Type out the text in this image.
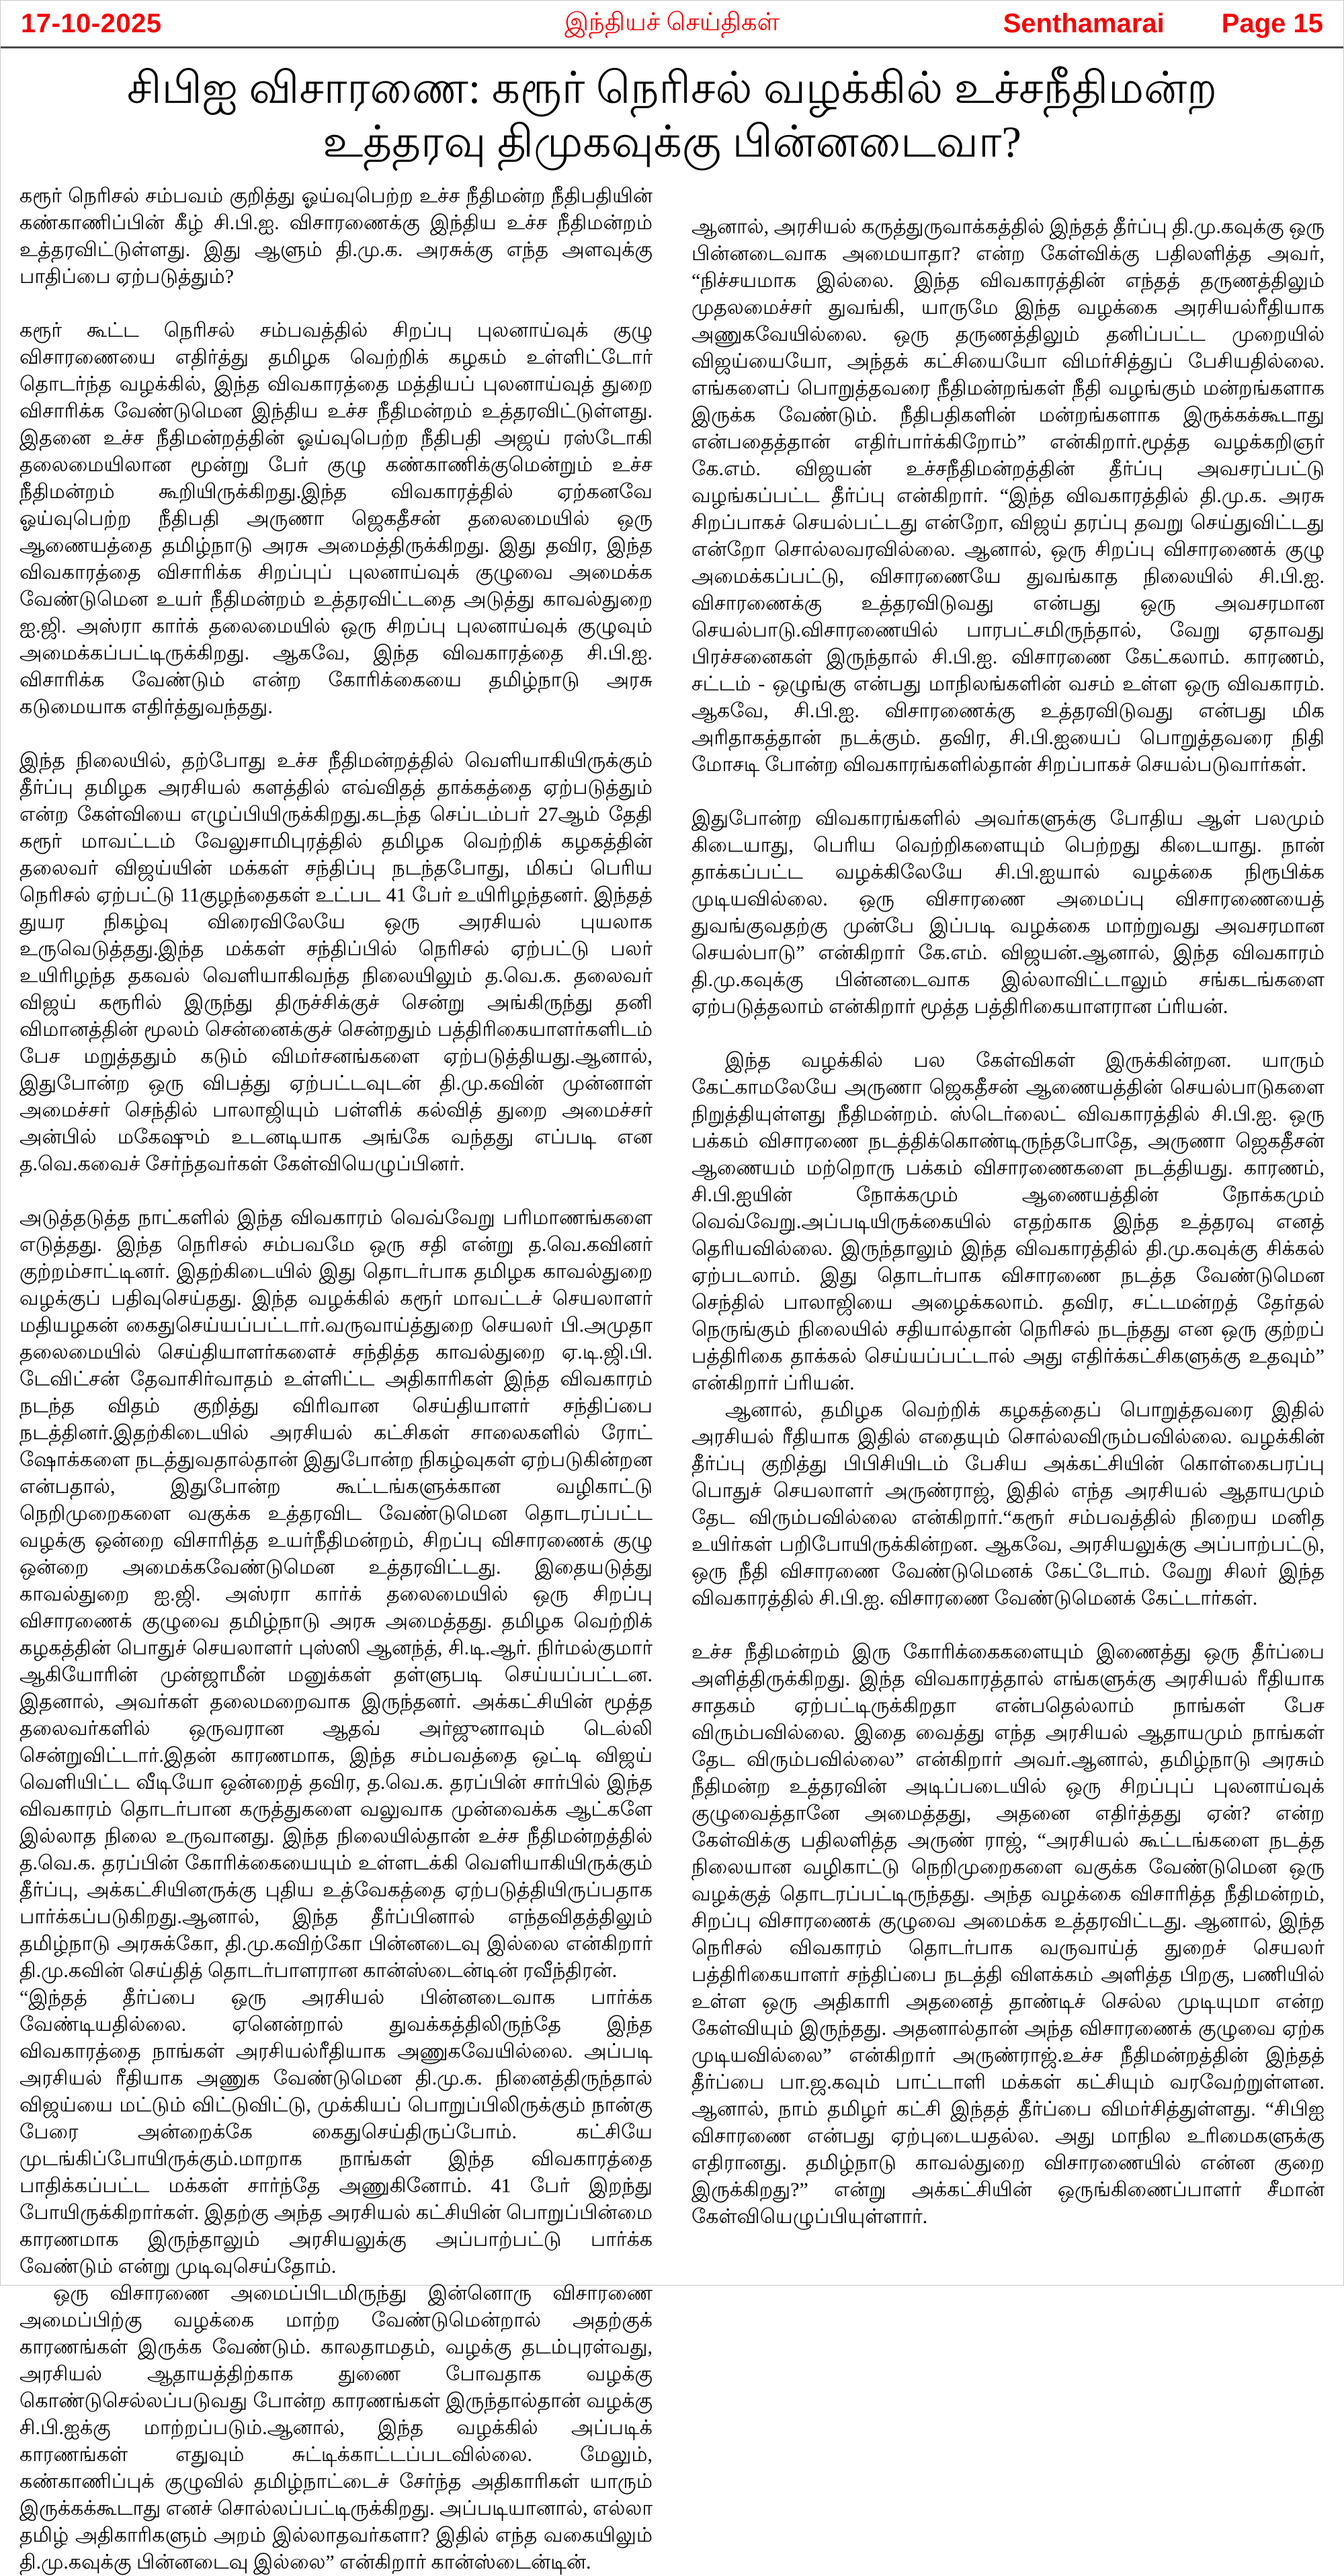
17-10-2025	இந்தியச் செய்திகள்	Senthamarai Page 15
சிபிஐ விசாரணை: கரூர் நெரிசல் வழக்கில் உச்சநீதிமன்ற உத்தரவு திமுகவுக்கு பின்னடைவா?

கரூர் நெரிசல் சம்பவம் குறித்து ஓய்வுபெற்ற உச்ச நீதிமன்ற நீதிபதியின் கண்காணிப்பின் கீழ் சி.பி.ஐ. விசாரணைக்கு இந்திய உச்ச நீதிமன்றம் உத்தரவிட்டுள்ளது. இது ஆளும் தி.மு.க. அரசுக்கு எந்த அளவுக்கு பாதிப்பை ஏற்படுத்தும்?

கரூர் கூட்ட நெரிசல் சம்பவத்தில் சிறப்பு புலனாய்வுக் குழு விசாரணையை எதிர்த்து தமிழக வெற்றிக் கழகம் உள்ளிட்டோர் தொடர்ந்த வழக்கில், இந்த விவகாரத்தை மத்தியப் புலனாய்வுத் துறை விசாரிக்க வேண்டுமென இந்திய உச்ச நீதிமன்றம் உத்தரவிட்டுள்ளது. இதனை உச்ச நீதிமன்றத்தின் ஓய்வுபெற்ற நீதிபதி அஜய் ரஸ்டோகி தலைமையிலான மூன்று பேர் குழு கண்காணிக்குமென்றும் உச்ச நீதிமன்றம் கூறியிருக்கிறது.இந்த விவகாரத்தில் ஏற்கனவே ஓய்வுபெற்ற நீதிபதி அருணா ஜெகதீசன் தலைமையில் ஒரு ஆணையத்தை தமிழ்நாடு அரசு அமைத்திருக்கிறது. இது தவிர, இந்த விவகாரத்தை விசாரிக்க சிறப்புப் புலனாய்வுக் குழுவை அமைக்க வேண்டுமென உயர் நீதிமன்றம் உத்தரவிட்டதை அடுத்து காவல்துறை ஐ.ஜி. அஸ்ரா கார்க் தலைமையில் ஒரு சிறப்பு புலனாய்வுக் குழுவும் அமைக்கப்பட்டிருக்கிறது. ஆகவே, இந்த விவகாரத்தை சி.பி.ஐ. விசாரிக்க வேண்டும் என்ற கோரிக்கையை தமிழ்நாடு அரசு கடுமையாக எதிர்த்துவந்தது.

இந்த நிலையில், தற்போது உச்ச நீதிமன்றத்தில் வெளியாகியிருக்கும் தீர்ப்பு தமிழக அரசியல் களத்தில் எவ்விதத் தாக்கத்தை ஏற்படுத்தும் என்ற கேள்வியை எழுப்பியிருக்கிறது.கடந்த செப்டம்பர் 27ஆம் தேதி கரூர் மாவட்டம் வேலுசாமிபுரத்தில் தமிழக வெற்றிக் கழகத்தின் தலைவர் விஜய்யின் மக்கள் சந்திப்பு நடந்தபோது, மிகப் பெரிய நெரிசல் ஏற்பட்டு 11குழந்தைகள் உட்பட 41 பேர் உயிரிழந்தனர். இந்தத் துயர நிகழ்வு விரைவிலேயே ஒரு அரசியல் புயலாக உருவெடுத்தது.இந்த மக்கள் சந்திப்பில் நெரிசல் ஏற்பட்டு பலர் உயிரிழந்த தகவல் வெளியாகிவந்த நிலையிலும் த.வெ.க. தலைவர் விஜய் கரூரில் இருந்து திருச்சிக்குச் சென்று அங்கிருந்து தனி விமானத்தின் மூலம் சென்னைக்குச் சென்றதும் பத்திரிகையாளர்களிடம் பேச மறுத்ததும் கடும் விமர்சனங்களை ஏற்படுத்தியது.ஆனால், இதுபோன்ற ஒரு விபத்து ஏற்பட்டவுடன் தி.மு.கவின் முன்னாள் அமைச்சர் செந்தில் பாலாஜியும் பள்ளிக் கல்வித் துறை அமைச்சர் அன்பில் மகேஷும் உடனடியாக அங்கே வந்தது எப்படி என த.வெ.கவைச் சேர்ந்தவர்கள் கேள்வியெழுப்பினர்.

அடுத்தடுத்த நாட்களில் இந்த விவகாரம் வெவ்வேறு பரிமாணங்களை எடுத்தது. இந்த நெரிசல் சம்பவமே ஒரு சதி என்று த.வெ.கவினர் குற்றம்சாட்டினர். இதற்கிடையில் இது தொடர்பாக தமிழக காவல்துறை வழக்குப் பதிவுசெய்தது. இந்த வழக்கில் கரூர் மாவட்டச் செயலாளர் மதியழகன் கைதுசெய்யப்பட்டார்.வருவாய்த்துறை செயலர் பி.அமுதா தலைமையில் செய்தியாளர்களைச் சந்தித்த காவல்துறை ஏ.டி.ஜி.பி. டேவிட்சன் தேவாசிர்வாதம் உள்ளிட்ட அதிகாரிகள் இந்த விவகாரம் நடந்த விதம் குறித்து விரிவான செய்தியாளர் சந்திப்பை நடத்தினர்.இதற்கிடையில் அரசியல் கட்சிகள் சாலைகளில் ரோட் ஷோக்களை நடத்துவதால்தான் இதுபோன்ற நிகழ்வுகள் ஏற்படுகின்றன என்பதால், இதுபோன்ற கூட்டங்களுக்கான வழிகாட்டு நெறிமுறைகளை வகுக்க உத்தரவிட வேண்டுமென தொடரப்பட்ட வழக்கு ஒன்றை விசாரித்த உயர்நீதிமன்றம், சிறப்பு விசாரணைக் குழு ஒன்றை அமைக்கவேண்டுமென உத்தரவிட்டது. இதையடுத்து காவல்துறை ஐ.ஜி. அஸ்ரா கார்க் தலைமையில் ஒரு சிறப்பு விசாரணைக் குழுவை தமிழ்நாடு அரசு அமைத்தது. தமிழக வெற்றிக் கழகத்தின் பொதுச் செயலாளர் புஸ்ஸி ஆனந்த், சி.டி.ஆர். நிர்மல்குமார் ஆகியோரின் முன்ஜாமீன் மனுக்கள் தள்ளுபடி செய்யப்பட்டன. இதனால், அவர்கள் தலைமறைவாக இருந்தனர். அக்கட்சியின் மூத்த தலைவர்களில் ஒருவரான ஆதவ் அர்ஜுனாவும் டெல்லி சென்றுவிட்டார்.இதன் காரணமாக, இந்த சம்பவத்தை ஒட்டி விஜய் வெளியிட்ட வீடியோ ஒன்றைத் தவிர, த.வெ.க. தரப்பின் சார்பில் இந்த விவகாரம் தொடர்பான கருத்துகளை வலுவாக முன்வைக்க ஆட்களே இல்லாத நிலை உருவானது. இந்த நிலையில்தான் உச்ச நீதிமன்றத்தில் த.வெ.க. தரப்பின் கோரிக்கையையும் உள்ளடக்கி வெளியாகியிருக்கும் தீர்ப்பு, அக்கட்சியினருக்கு புதிய உத்வேகத்தை ஏற்படுத்தியிருப்பதாக பார்க்கப்படுகிறது.ஆனால், இந்த தீர்ப்பினால் எந்தவிதத்திலும் தமிழ்நாடு அரசுக்கோ, தி.மு.கவிற்கோ பின்னடைவு இல்லை என்கிறார் தி.மு.கவின் செய்தித் தொடர்பாளரான கான்ஸ்டைன்டின் ரவீந்திரன்.

“இந்தத் தீர்ப்பை ஒரு அரசியல் பின்னடைவாக பார்க்க வேண்டியதில்லை. ஏனென்றால் துவக்கத்திலிருந்தே இந்த விவகாரத்தை நாங்கள் அரசியல்ரீதியாக அணுகவேயில்லை. அப்படி அரசியல் ரீதியாக அணுக வேண்டுமென தி.மு.க. நினைத்திருந்தால் விஜய்யை மட்டும் விட்டுவிட்டு, முக்கியப் பொறுப்பிலிருக்கும் நான்கு பேரை அன்றைக்கே கைதுசெய்திருப்போம். கட்சியே முடங்கிப்போயிருக்கும்.மாறாக நாங்கள் இந்த விவகாரத்தை பாதிக்கப்பட்ட மக்கள் சார்ந்தே அணுகினோம். 41 பேர் இறந்து போயிருக்கிறார்கள். இதற்கு அந்த அரசியல் கட்சியின் பொறுப்பின்மை காரணமாக இருந்தாலும் அரசியலுக்கு அப்பாற்பட்டு பார்க்க வேண்டும் என்று முடிவுசெய்தோம்.

ஒரு விசாரணை அமைப்பிடமிருந்து இன்னொரு விசாரணை அமைப்பிற்கு வழக்கை மாற்ற வேண்டுமென்றால் அதற்குக் காரணங்கள் இருக்க வேண்டும். காலதாமதம், வழக்கு தடம்புரள்வது, அரசியல் ஆதாயத்திற்காக துணை போவதாக வழக்கு கொண்டுசெல்லப்படுவது போன்ற காரணங்கள் இருந்தால்தான் வழக்கு சி.பி.ஐக்கு மாற்றப்படும்.ஆனால், இந்த வழக்கில் அப்படிக் காரணங்கள் எதுவும் சுட்டிக்காட்டப்படவில்லை. மேலும், கண்காணிப்புக் குழுவில் தமிழ்நாட்டைச் சேர்ந்த அதிகாரிகள் யாரும் இருக்கக்கூடாது எனச் சொல்லப்பட்டிருக்கிறது. அப்படியானால், எல்லா தமிழ் அதிகாரிகளும் அறம் இல்லாதவர்களா? இதில் எந்த வகையிலும் தி.மு.கவுக்கு பின்னடைவு இல்லை” என்கிறார் கான்ஸ்டைன்டின்.

ஆனால், அரசியல் கருத்துருவாக்கத்தில் இந்தத் தீர்ப்பு தி.மு.கவுக்கு ஒரு பின்னடைவாக அமையாதா? என்ற கேள்விக்கு பதிலளித்த அவர், “நிச்சயமாக இல்லை. இந்த விவகாரத்தின் எந்தத் தருணத்திலும் முதலமைச்சர் துவங்கி, யாருமே இந்த வழக்கை அரசியல்ரீதியாக அணுகவேயில்லை. ஒரு தருணத்திலும் தனிப்பட்ட முறையில் விஜய்யையோ, அந்தக் கட்சியையோ விமர்சித்துப் பேசியதில்லை. எங்களைப் பொறுத்தவரை நீதிமன்றங்கள் நீதி வழங்கும் மன்றங்களாக இருக்க வேண்டும். நீதிபதிகளின் மன்றங்களாக இருக்கக்கூடாது என்பதைத்தான் எதிர்பார்க்கிறோம்” என்கிறார்.மூத்த வழக்கறிஞர் கே.எம். விஜயன் உச்சநீதிமன்றத்தின் தீர்ப்பு அவசரப்பட்டு வழங்கப்பட்ட தீர்ப்பு என்கிறார். “இந்த விவகாரத்தில் தி.மு.க. அரசு சிறப்பாகச் செயல்பட்டது என்றோ, விஜய் தரப்பு தவறு செய்துவிட்டது என்றோ சொல்லவரவில்லை. ஆனால், ஒரு சிறப்பு விசாரணைக் குழு அமைக்கப்பட்டு, விசாரணையே துவங்காத நிலையில் சி.பி.ஐ. விசாரணைக்கு உத்தரவிடுவது என்பது ஒரு அவசரமான செயல்பாடு.விசாரணையில் பாரபட்சமிருந்தால், வேறு ஏதாவது பிரச்சனைகள் இருந்தால் சி.பி.ஐ. விசாரணை கேட்கலாம். காரணம், சட்டம் - ஒழுங்கு என்பது மாநிலங்களின் வசம் உள்ள ஒரு விவகாரம். ஆகவே, சி.பி.ஐ. விசாரணைக்கு உத்தரவிடுவது என்பது மிக அரிதாகத்தான் நடக்கும். தவிர, சி.பி.ஐயைப் பொறுத்தவரை நிதி மோசடி போன்ற விவகாரங்களில்தான் சிறப்பாகச் செயல்படுவார்கள்.

இதுபோன்ற விவகாரங்களில் அவர்களுக்கு போதிய ஆள் பலமும் கிடையாது, பெரிய வெற்றிகளையும் பெற்றது கிடையாது. நான் தாக்கப்பட்ட வழக்கிலேயே சி.பி.ஐயால் வழக்கை நிரூபிக்க முடியவில்லை. ஒரு விசாரணை அமைப்பு விசாரணையைத் துவங்குவதற்கு முன்பே இப்படி வழக்கை மாற்றுவது அவசரமான செயல்பாடு” என்கிறார் கே.எம். விஜயன்.ஆனால், இந்த விவகாரம் தி.மு.கவுக்கு பின்னடைவாக இல்லாவிட்டாலும் சங்கடங்களை ஏற்படுத்தலாம் என்கிறார் மூத்த பத்திரிகையாளரான ப்ரியன்.

இந்த வழக்கில் பல கேள்விகள் இருக்கின்றன. யாரும் கேட்காமலேயே அருணா ஜெகதீசன் ஆணையத்தின் செயல்பாடுகளை நிறுத்தியுள்ளது நீதிமன்றம். ஸ்டெர்லைட் விவகாரத்தில் சி.பி.ஐ. ஒரு பக்கம் விசாரணை நடத்திக்கொண்டிருந்தபோதே, அருணா ஜெகதீசன் ஆணையம் மற்றொரு பக்கம் விசாரணைகளை நடத்தியது. காரணம், சி.பி.ஐயின் நோக்கமும் ஆணையத்தின் நோக்கமும் வெவ்வேறு.அப்படியிருக்கையில் எதற்காக இந்த உத்தரவு எனத் தெரியவில்லை. இருந்தாலும் இந்த விவகாரத்தில் தி.மு.கவுக்கு சிக்கல் ஏற்படலாம். இது தொடர்பாக விசாரணை நடத்த வேண்டுமென செந்தில் பாலாஜியை அழைக்கலாம். தவிர, சட்டமன்றத் தேர்தல் நெருங்கும் நிலையில் சதியால்தான் நெரிசல் நடந்தது என ஒரு குற்றப் பத்திரிகை தாக்கல் செய்யப்பட்டால் அது எதிர்க்கட்சிகளுக்கு உதவும்” என்கிறார் ப்ரியன்.

ஆனால், தமிழக வெற்றிக் கழகத்தைப் பொறுத்தவரை இதில் அரசியல் ரீதியாக இதில் எதையும் சொல்லவிரும்பவில்லை. வழக்கின் தீர்ப்பு குறித்து பிபிசியிடம் பேசிய அக்கட்சியின் கொள்கைபரப்பு பொதுச் செயலாளர் அருண்ராஜ், இதில் எந்த அரசியல் ஆதாயமும் தேட விரும்பவில்லை என்கிறார்.“கரூர் சம்பவத்தில் நிறைய மனித உயிர்கள் பறிபோயிருக்கின்றன. ஆகவே, அரசியலுக்கு அப்பாற்பட்டு, ஒரு நீதி விசாரணை வேண்டுமெனக் கேட்டோம். வேறு சிலர் இந்த விவகாரத்தில் சி.பி.ஐ. விசாரணை வேண்டுமெனக் கேட்டார்கள்.

உச்ச நீதிமன்றம் இரு கோரிக்கைகளையும் இணைத்து ஒரு தீர்ப்பை அளித்திருக்கிறது. இந்த விவகாரத்தால் எங்களுக்கு அரசியல் ரீதியாக சாதகம் ஏற்பட்டிருக்கிறதா என்பதெல்லாம் நாங்கள் பேச விரும்பவில்லை. இதை வைத்து எந்த அரசியல் ஆதாயமும் நாங்கள் தேட விரும்பவில்லை” என்கிறார் அவர்.ஆனால், தமிழ்நாடு அரசும் நீதிமன்ற உத்தரவின் அடிப்படையில் ஒரு சிறப்புப் புலனாய்வுக் குழுவைத்தானே அமைத்தது, அதனை எதிர்த்தது ஏன்? என்ற கேள்விக்கு பதிலளித்த அருண் ராஜ், “அரசியல் கூட்டங்களை நடத்த நிலையான வழிகாட்டு நெறிமுறைகளை வகுக்க வேண்டுமென ஒரு வழக்குத் தொடரப்பட்டிருந்தது. அந்த வழக்கை விசாரித்த நீதிமன்றம், சிறப்பு விசாரணைக் குழுவை அமைக்க உத்தரவிட்டது. ஆனால், இந்த நெரிசல் விவகாரம் தொடர்பாக வருவாய்த் துறைச் செயலர் பத்திரிகையாளர் சந்திப்பை நடத்தி விளக்கம் அளித்த பிறகு, பணியில் உள்ள ஒரு அதிகாரி அதனைத் தாண்டிச் செல்ல முடியுமா என்ற கேள்வியும் இருந்தது. அதனால்தான் அந்த விசாரணைக் குழுவை ஏற்க முடியவில்லை” என்கிறார் அருண்ராஜ்.உச்ச நீதிமன்றத்தின் இந்தத் தீர்ப்பை பா.ஜ.கவும் பாட்டாளி மக்கள் கட்சியும் வரவேற்றுள்ளன. ஆனால், நாம் தமிழர் கட்சி இந்தத் தீர்ப்பை விமர்சித்துள்ளது. “சிபிஐ விசாரணை என்பது ஏற்புடையதல்ல. அது மாநில உரிமைகளுக்கு எதிரானது. தமிழ்நாடு காவல்துறை விசாரணையில் என்ன குறை இருக்கிறது?” என்று அக்கட்சியின் ஒருங்கிணைப்பாளர் சீமான் கேள்வியெழுப்பியுள்ளார்.
